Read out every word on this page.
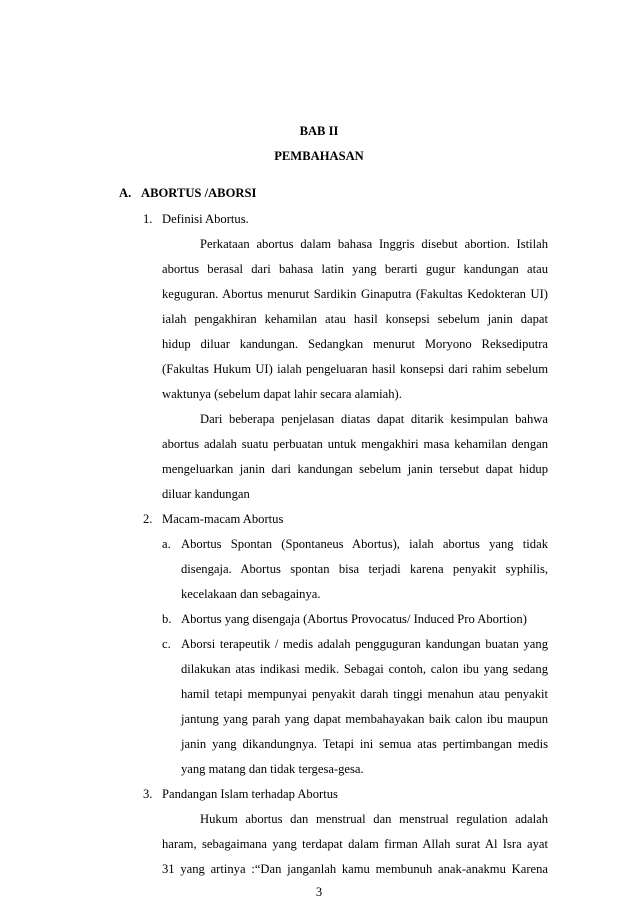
BAB II
PEMBAHASAN
A. ABORTUS /ABORSI
1. Definisi Abortus.
Perkataan abortus dalam bahasa Inggris disebut abortion. Istilah
abortus berasal dari bahasa latin yang berarti gugur kandungan atau
keguguran. Abortus menurut Sardikin Ginaputra (Fakultas Kedokteran UI)
ialah pengakhiran kehamilan atau hasil konsepsi sebelum janin dapat
hidup diluar kandungan. Sedangkan menurut Moryono Reksediputra
(Fakultas Hukum UI) ialah pengeluaran hasil konsepsi dari rahim sebelum
waktunya (sebelum dapat lahir secara alamiah).
Dari beberapa penjelasan diatas dapat ditarik kesimpulan bahwa
abortus adalah suatu perbuatan untuk mengakhiri masa kehamilan dengan
mengeluarkan janin dari kandungan sebelum janin tersebut dapat hidup
diluar kandungan
2. Macam-macam Abortus
a. Abortus Spontan (Spontaneus Abortus), ialah abortus yang tidak
disengaja. Abortus spontan bisa terjadi karena penyakit syphilis,
kecelakaan dan sebagainya.
b. Abortus yang disengaja (Abortus Provocatus/ Induced Pro Abortion)
c. Aborsi terapeutik / medis adalah pengguguran kandungan buatan yang
dilakukan atas indikasi medik. Sebagai contoh, calon ibu yang sedang
hamil tetapi mempunyai penyakit darah tinggi menahun atau penyakit
jantung yang parah yang dapat membahayakan baik calon ibu maupun
janin yang dikandungnya. Tetapi ini semua atas pertimbangan medis
yang matang dan tidak tergesa-gesa.
3. Pandangan Islam terhadap Abortus
Hukum abortus dan menstrual dan menstrual regulation adalah
haram, sebagaimana yang terdapat dalam firman Allah surat Al Isra ayat
31 yang artinya :“Dan janganlah kamu membunuh anak-anakmu Karena
3
